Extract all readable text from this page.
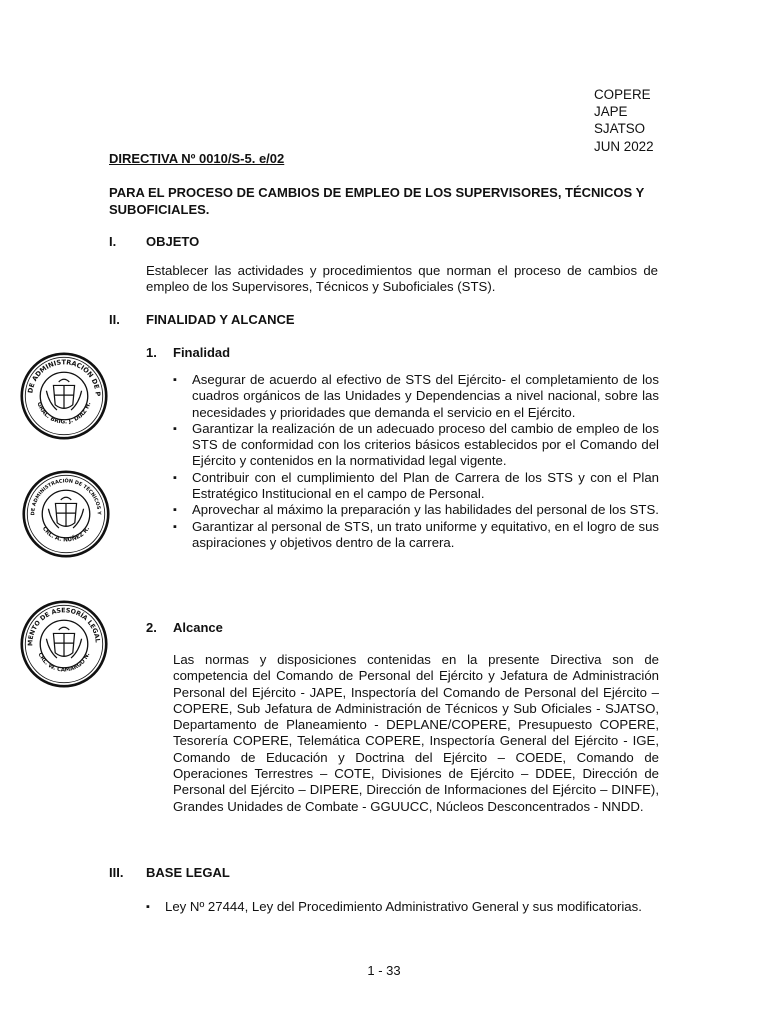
COPERE
JAPE
SJATSO
JUN 2022
DIRECTIVA Nº 0010/S-5. e/02
PARA EL PROCESO DE CAMBIOS DE EMPLEO DE LOS SUPERVISORES, TÉCNICOS Y SUBOFICIALES.
I. OBJETO
Establecer las actividades y procedimientos que norman el proceso de cambios de empleo de los Supervisores, Técnicos y Suboficiales (STS).
II. FINALIDAD Y ALCANCE
1. Finalidad
▪ Asegurar de acuerdo al efectivo de STS del Ejército- el completamiento de los cuadros orgánicos de las Unidades y Dependencias a nivel nacional, sobre las necesidades y prioridades que demanda el servicio en el Ejército.
▪ Garantizar la realización de un adecuado proceso del cambio de empleo de los STS de conformidad con los criterios básicos establecidos por el Comando del Ejército y contenidos en la normatividad legal vigente.
▪ Contribuir con el cumplimiento del Plan de Carrera de los STS y con el Plan Estratégico Institucional en el campo de Personal.
▪ Aprovechar al máximo la preparación y las habilidades del personal de los STS.
▪ Garantizar al personal de STS, un trato uniforme y equitativo, en el logro de sus aspiraciones y objetivos dentro de la carrera.
2. Alcance
Las normas y disposiciones contenidas en la presente Directiva son de competencia del Comando de Personal del Ejército y Jefatura de Administración Personal del Ejército - JAPE, Inspectoría del Comando de Personal del Ejército – COPERE, Sub Jefatura de Administración de Técnicos y Sub Oficiales - SJATSO, Departamento de Planeamiento - DEPLANE/COPERE, Presupuesto COPERE, Tesorería COPERE, Telemática COPERE, Inspectoría General del Ejército - IGE, Comando de Educación y Doctrina del Ejército – COEDE, Comando de Operaciones Terrestres – COTE, Divisiones de Ejército – DDEE, Dirección de Personal del Ejército – DIPERE, Dirección de Informaciones del Ejército – DINFE), Grandes Unidades de Combate - GGUUCC, Núcleos Desconcentrados - NNDD.
III. BASE LEGAL
▪ Ley Nº 27444, Ley del Procedimiento Administrativo General y sus modificatorias.
1 - 33
DE ADMINISTRACIÓN DE P
GRAL. BRIG. J. DIAZ H.
DE ADMINISTRACIÓN DE TÉCNICOS Y
CRL. A. NUÑEZ R.
MENTO DE ASESORÍA LEGAL
CRL. W. CAMARGO N.
